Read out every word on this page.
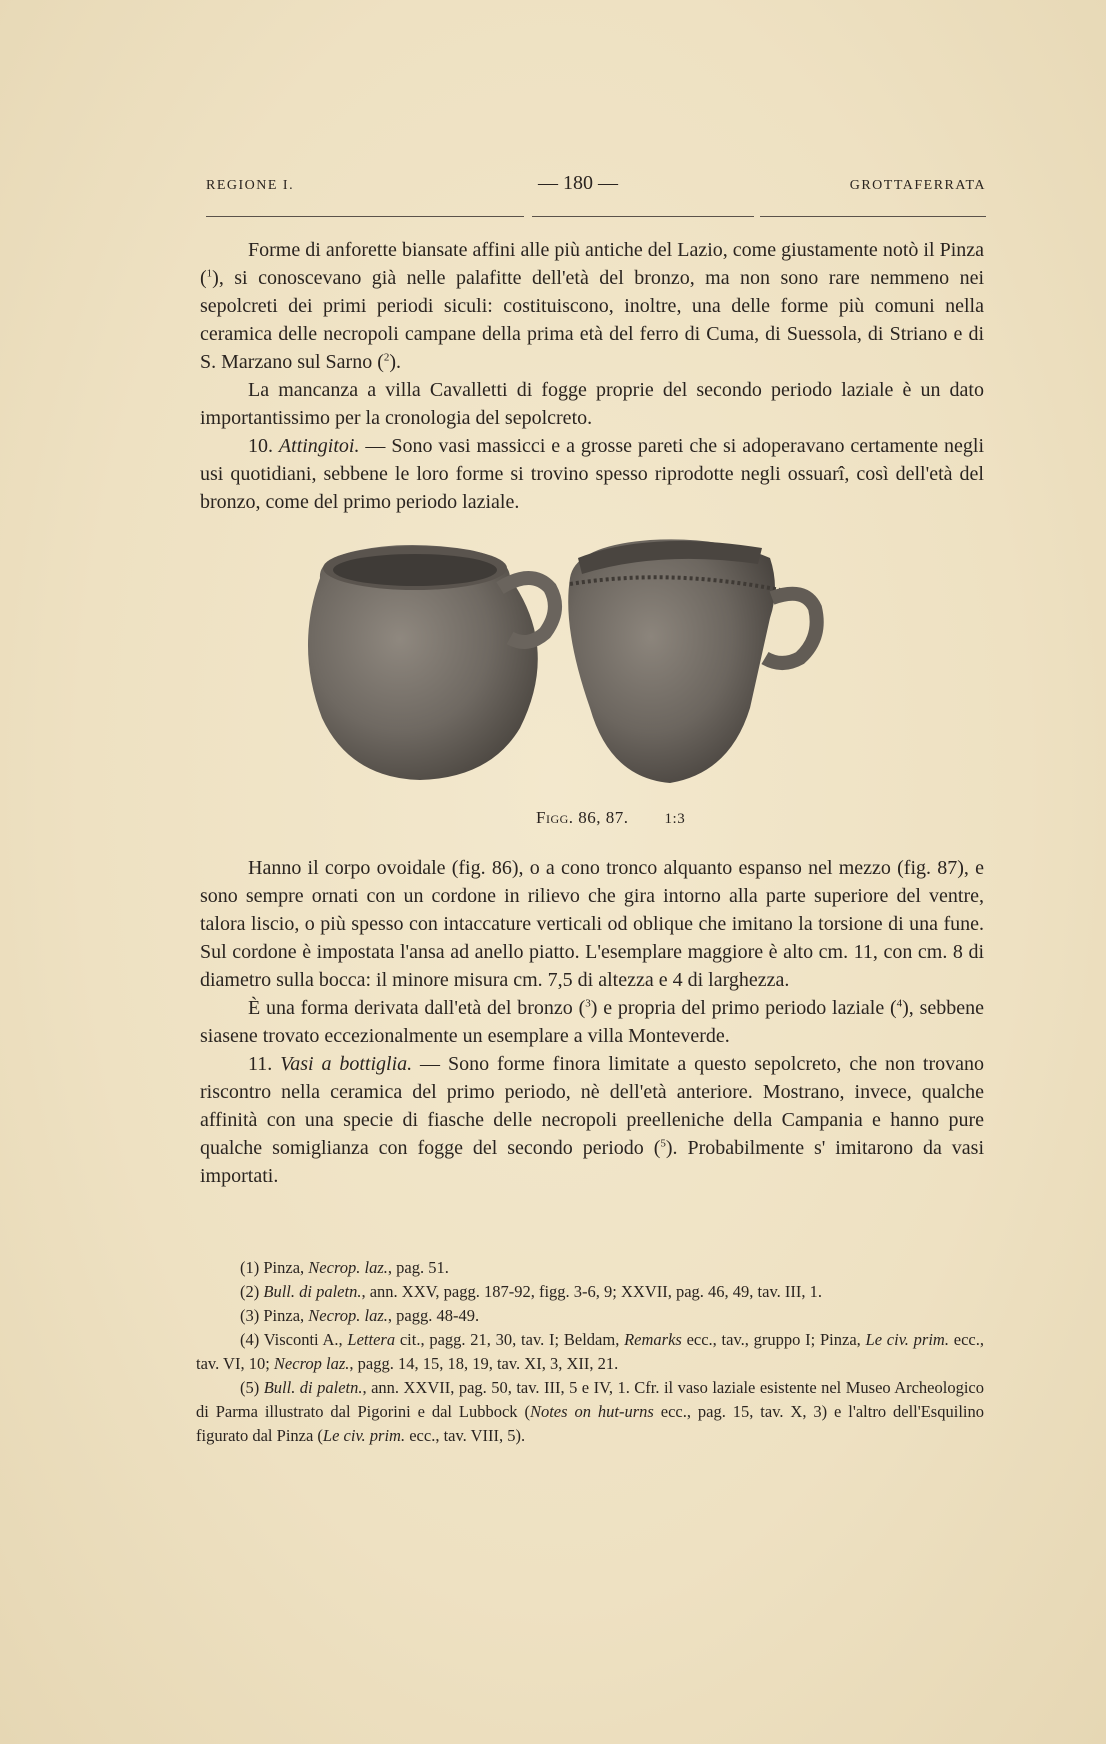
REGIONE I.	— 180 —	GROTTAFERRATA

Forme di anforette biansate affini alle più antiche del Lazio, come giustamente notò il Pinza ($^1$), si conoscevano già nelle palafitte dell'età del bronzo, ma non sono rare nemmeno nei sepolcreti dei primi periodi siculi: costituiscono, inoltre, una delle forme più comuni nella ceramica delle necropoli campane della prima età del ferro di Cuma, di Suessola, di Striano e di S. Marzano sul Sarno ($^2$).

La mancanza a villa Cavalletti di fogge proprie del secondo periodo laziale è un dato importantissimo per la cronologia del sepolcreto.

10. Attingitoi. — Sono vasi massicci e a grosse pareti che si adoperavano certamente negli usi quotidiani, sebbene le loro forme si trovino spesso riprodotte negli ossuarî, così dell'età del bronzo, come del primo periodo laziale.

Figg. 86, 87. 1:3

Hanno il corpo ovoidale (fig. 86), o a cono tronco alquanto espanso nel mezzo (fig. 87), e sono sempre ornati con un cordone in rilievo che gira intorno alla parte superiore del ventre, talora liscio, o più spesso con intaccature verticali od oblique che imitano la torsione di una fune. Sul cordone è impostata l'ansa ad anello piatto. L'esemplare maggiore è alto cm. 11, con cm. 8 di diametro sulla bocca: il minore misura cm. 7,5 di altezza e 4 di larghezza.

È una forma derivata dall'età del bronzo ($^3$) e propria del primo periodo laziale ($^4$), sebbene siasene trovato eccezionalmente un esemplare a villa Monteverde.

11. Vasi a bottiglia. — Sono forme finora limitate a questo sepolcreto, che non trovano riscontro nella ceramica del primo periodo, nè dell'età anteriore. Mostrano, invece, qualche affinità con una specie di fiasche delle necropoli preelleniche della Campania e hanno pure qualche somiglianza con fogge del secondo periodo ($^5$). Probabilmente s' imitarono da vasi importati.

(1) Pinza, Necrop. laz., pag. 51.

(2) Bull. di paletn., ann. XXV, pagg. 187-92, figg. 3-6, 9; XXVII, pag. 46, 49, tav. III, 1.

(3) Pinza, Necrop. laz., pagg. 48-49.

(4) Visconti A., Lettera cit., pagg. 21, 30, tav. I; Beldam, Remarks ecc., tav., gruppo I; Pinza, Le civ. prim. ecc., tav. VI, 10; Necrop laz., pagg. 14, 15, 18, 19, tav. XI, 3, XII, 21.

(5) Bull. di paletn., ann. XXVII, pag. 50, tav. III, 5 e IV, 1. Cfr. il vaso laziale esistente nel Museo Archeologico di Parma illustrato dal Pigorini e dal Lubbock (Notes on hut-urns ecc., pag. 15, tav. X, 3) e l'altro dell'Esquilino figurato dal Pinza (Le civ. prim. ecc., tav. VIII, 5).
